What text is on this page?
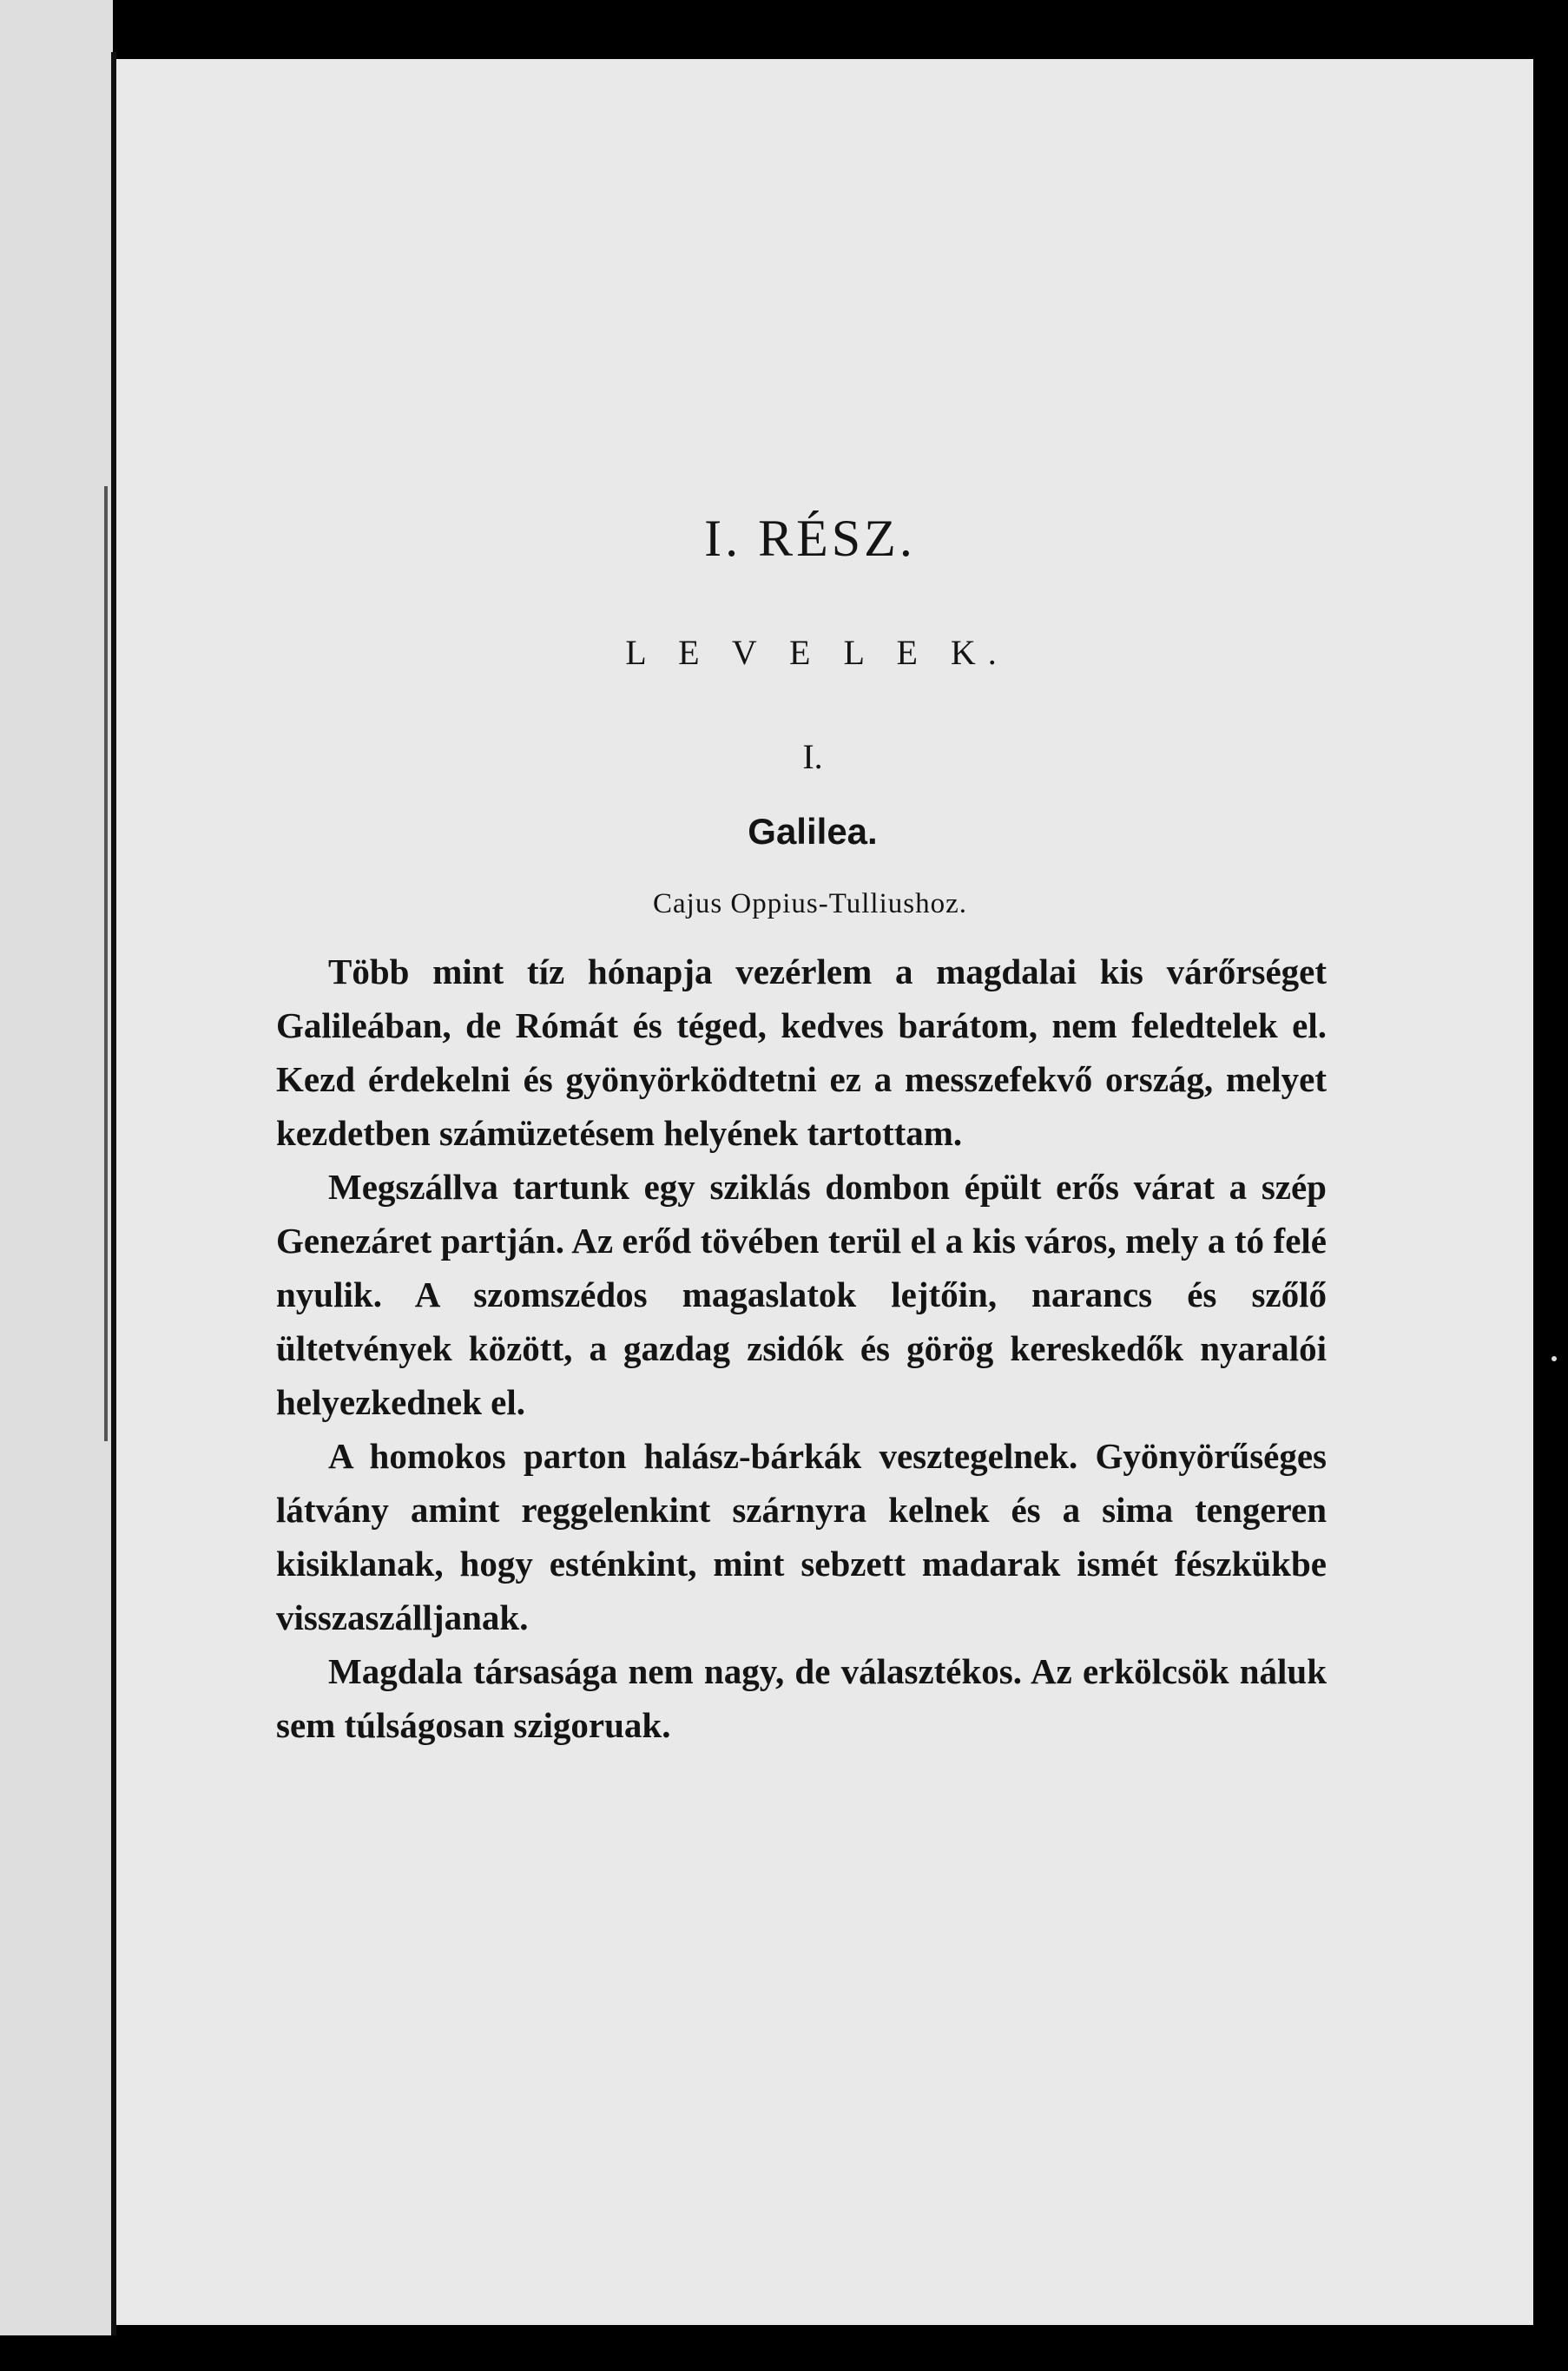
I. RÉSZ.
L E V E L E K.
I.
Galilea.
Cajus Oppius-Tulliushoz.

Több mint tíz hónapja vezérlem a magdalai kis várőrséget Galileában, de Rómát és téged, kedves barátom, nem feledtelek el. Kezd érdekelni és gyönyörködtetni ez a messzefekvő ország, melyet kezdetben számüzetésem helyének tartottam.

Megszállva tartunk egy sziklás dombon épült erős várat a szép Genezáret partján. Az erőd tövében terül el a kis város, mely a tó felé nyulik. A szomszédos magaslatok lejtőin, narancs és szőlő ültetvények között, a gazdag zsidók és görög kereskedők nyaralói helyezkednek el.

A homokos parton halász-bárkák vesztegelnek. Gyönyörűséges látvány amint reggelenkint szárnyra kelnek és a sima tengeren kisiklanak, hogy esténkint, mint sebzett madarak ismét fészkükbe visszaszálljanak.

Magdala társasága nem nagy, de választékos. Az erkölcsök náluk sem túlságosan szigoruak.
